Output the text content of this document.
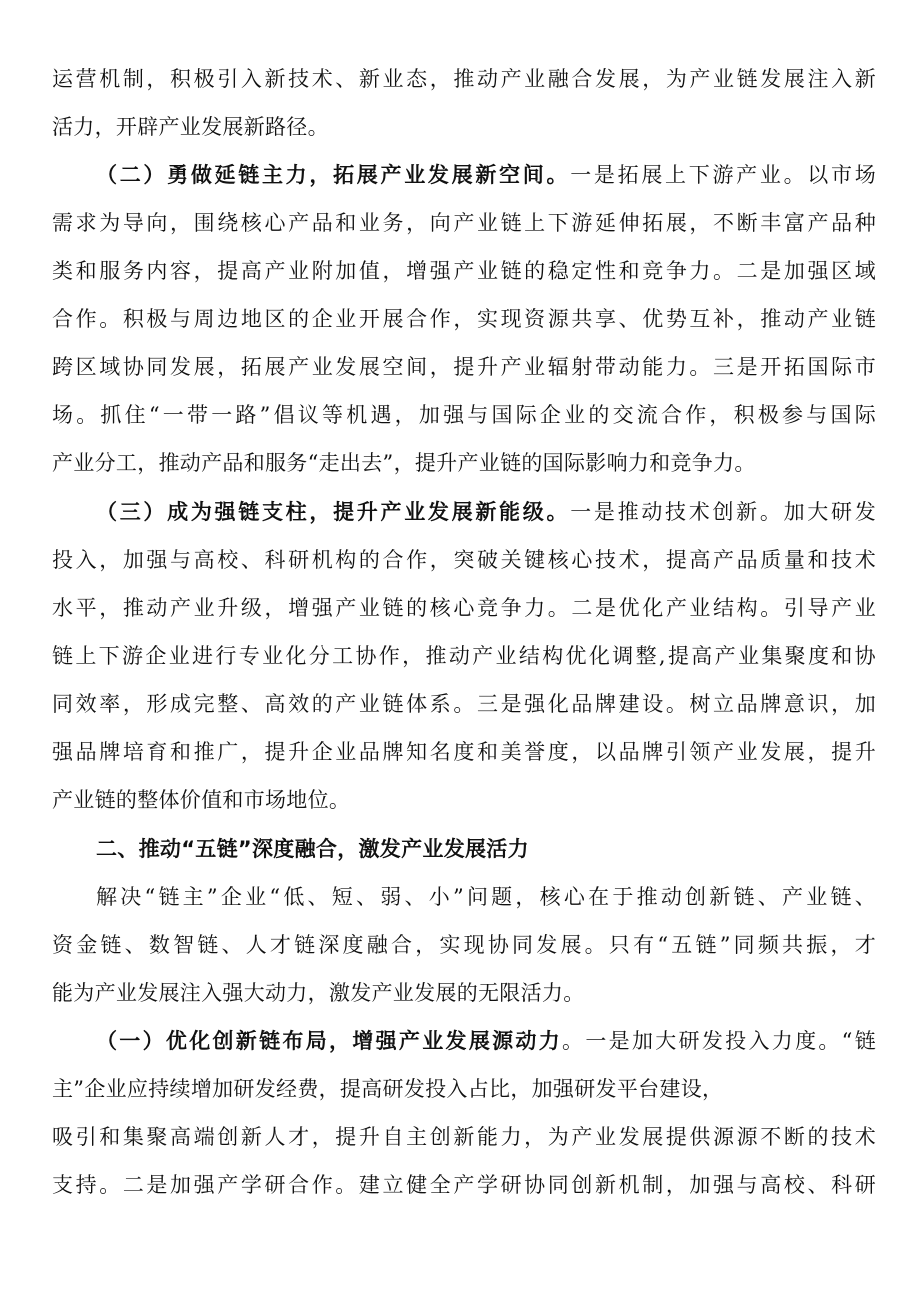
运营机制，积极引入新技术、新业态，推动产业融合发展，为产业链发展注入新
活力，开辟产业发展新路径。
（二）勇做延链主力，拓展产业发展新空间。一是拓展上下游产业。以市场
需求为导向，围绕核心产品和业务，向产业链上下游延伸拓展，不断丰富产品种
类和服务内容，提高产业附加值，增强产业链的稳定性和竞争力。二是加强区域
合作。积极与周边地区的企业开展合作，实现资源共享、优势互补，推动产业链
跨区域协同发展，拓展产业发展空间，提升产业辐射带动能力。三是开拓国际市
场。抓住“一带一路”倡议等机遇，加强与国际企业的交流合作，积极参与国际
产业分工，推动产品和服务“走出去”，提升产业链的国际影响力和竞争力。
（三）成为强链支柱，提升产业发展新能级。一是推动技术创新。加大研发
投入，加强与高校、科研机构的合作，突破关键核心技术，提高产品质量和技术
水平，推动产业升级，增强产业链的核心竞争力。二是优化产业结构。引导产业
链上下游企业进行专业化分工协作，推动产业结构优化调整,提高产业集聚度和协
同效率，形成完整、高效的产业链体系。三是强化品牌建设。树立品牌意识，加
强品牌培育和推广，提升企业品牌知名度和美誉度，以品牌引领产业发展，提升
产业链的整体价值和市场地位。
二、推动“五链”深度融合，激发产业发展活力
解决“链主”企业“低、短、弱、小”问题，核心在于推动创新链、产业链、
资金链、数智链、人才链深度融合，实现协同发展。只有“五链”同频共振，才
能为产业发展注入强大动力，激发产业发展的无限活力。
（一）优化创新链布局，增强产业发展源动力。一是加大研发投入力度。“链
主”企业应持续增加研发经费，提高研发投入占比，加强研发平台建设，
吸引和集聚高端创新人才，提升自主创新能力，为产业发展提供源源不断的技术
支持。二是加强产学研合作。建立健全产学研协同创新机制，加强与高校、科研
